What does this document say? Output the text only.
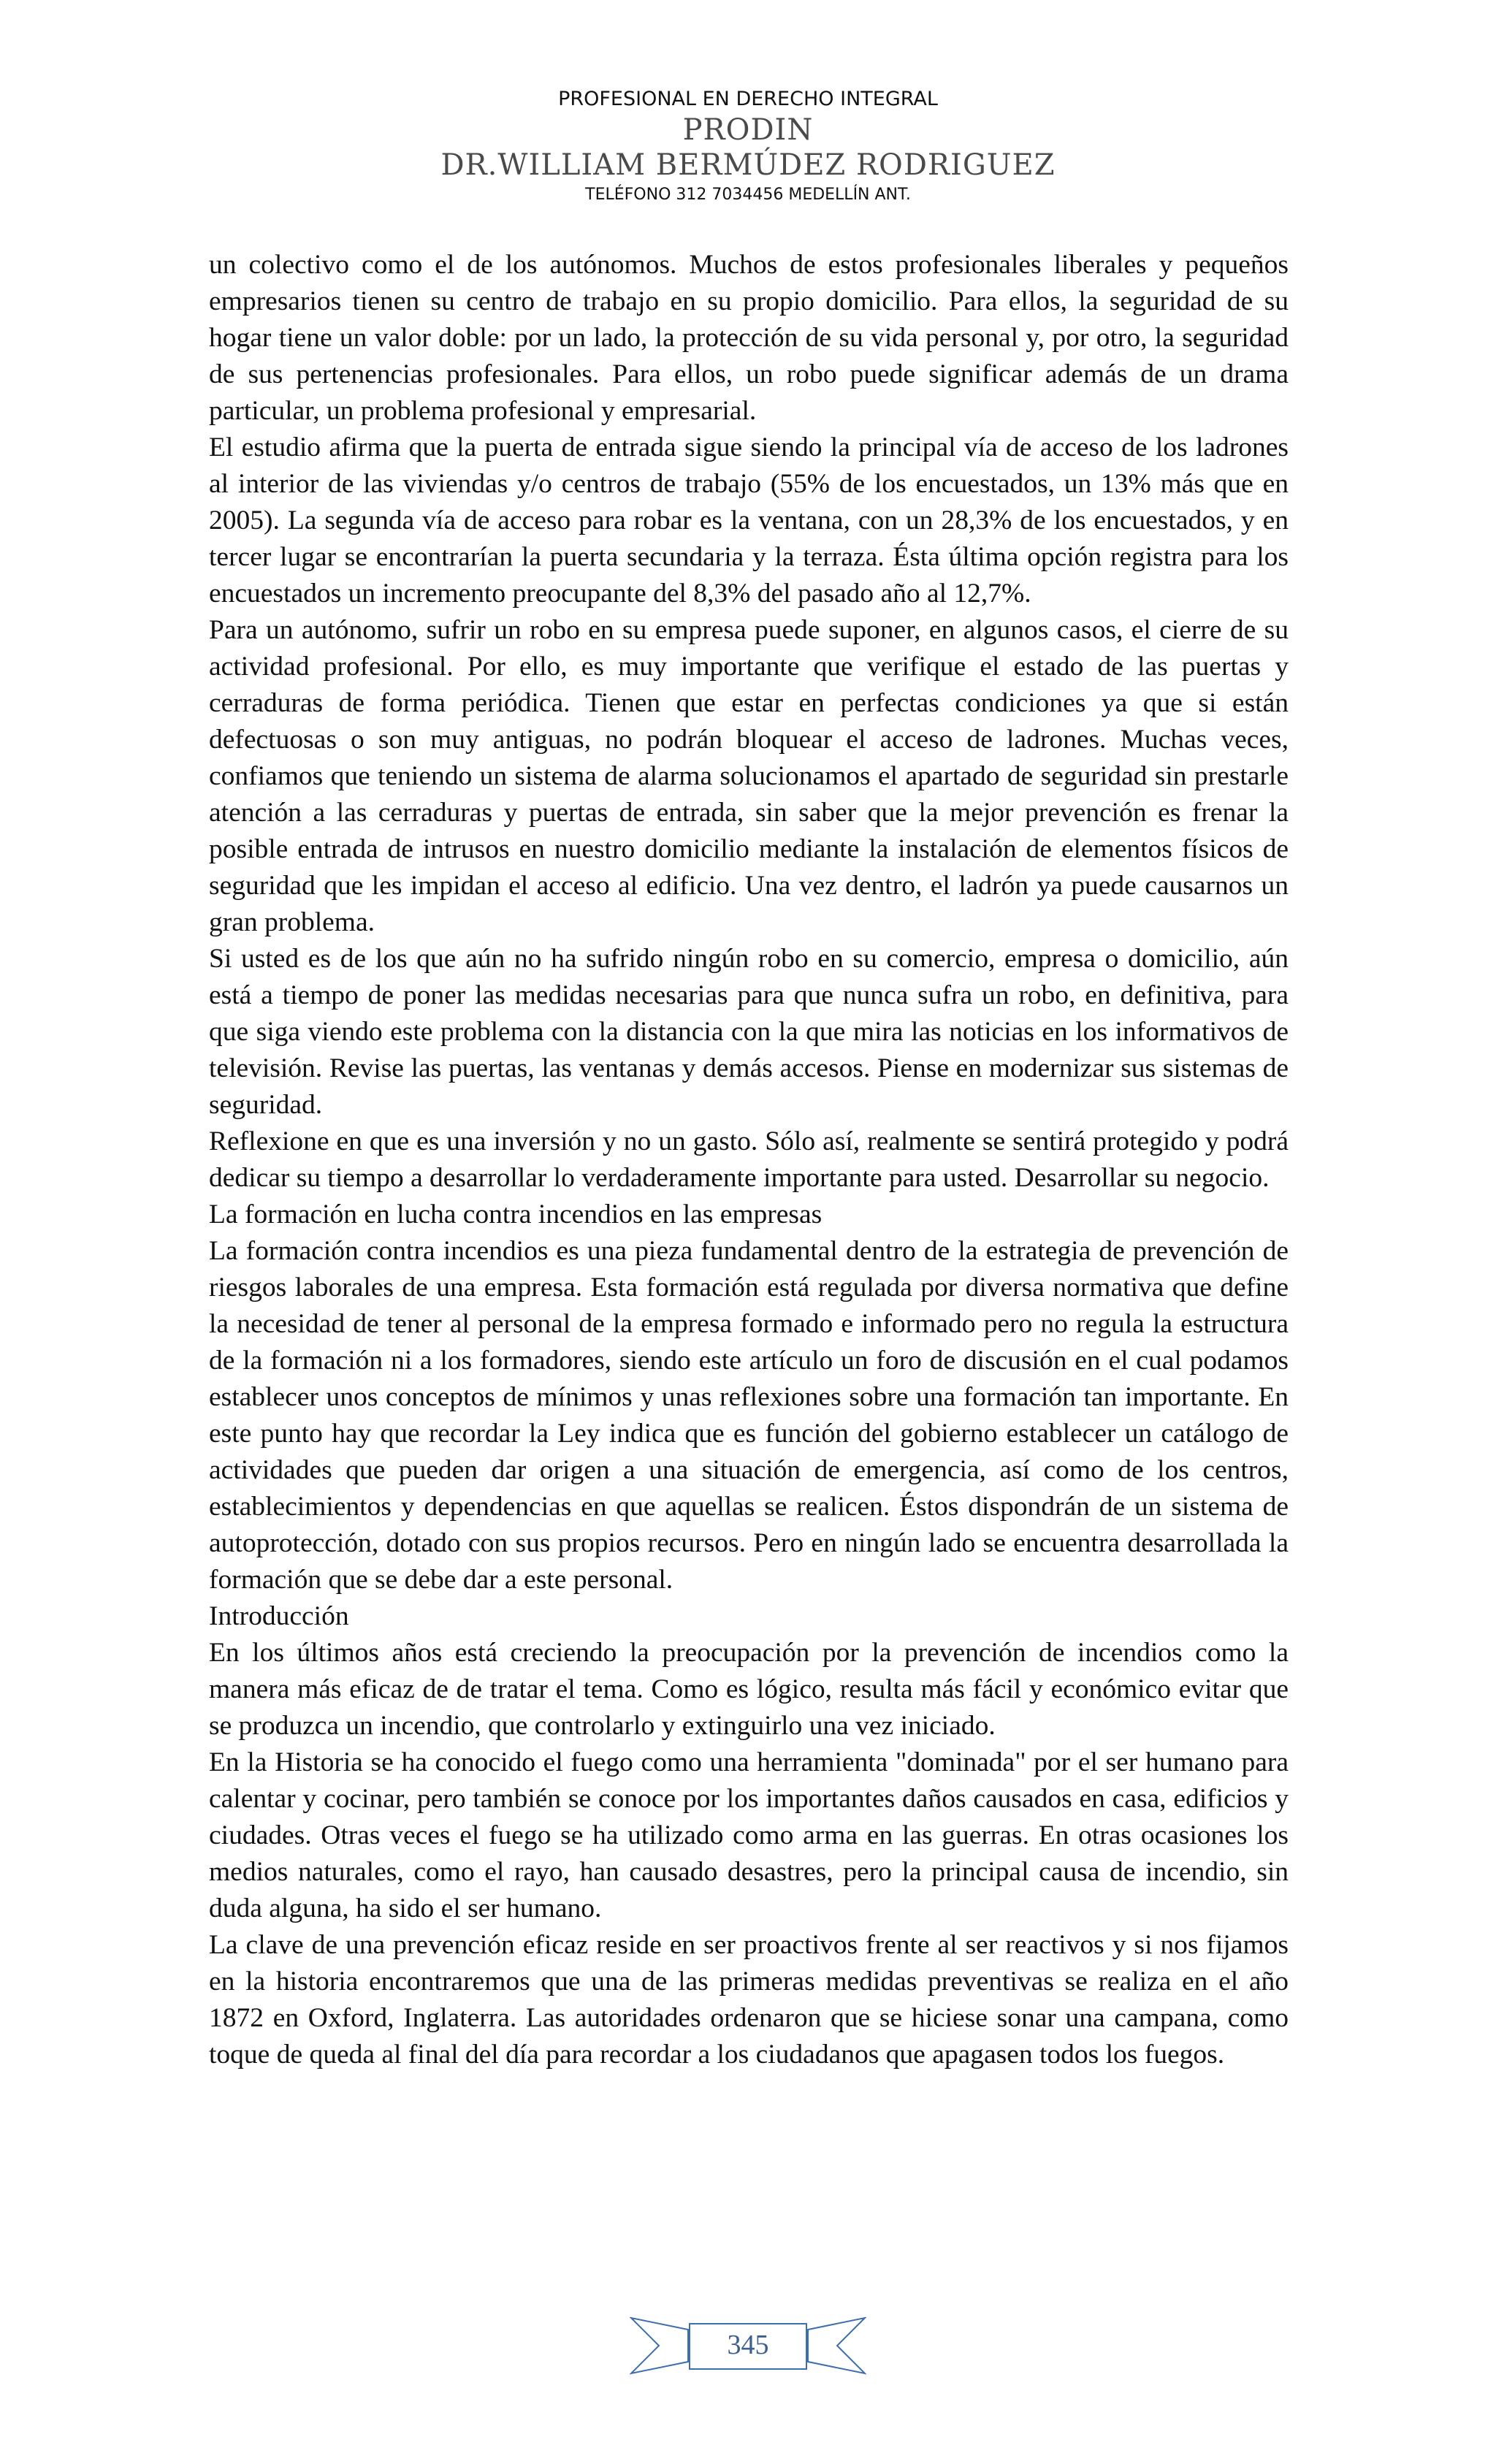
PROFESIONAL EN DERECHO INTEGRAL
PRODIN
DR.WILLIAM BERMÚDEZ RODRIGUEZ
TELÉFONO 312 7034456 MEDELLÍN ANT.

un colectivo como el de los autónomos. Muchos de estos profesionales liberales y pequeños empresarios tienen su centro de trabajo en su propio domicilio. Para ellos, la seguridad de su hogar tiene un valor doble: por un lado, la protección de su vida personal y, por otro, la seguridad de sus pertenencias profesionales. Para ellos, un robo puede significar además de un drama particular, un problema profesional y empresarial.

El estudio afirma que la puerta de entrada sigue siendo la principal vía de acceso de los ladrones al interior de las viviendas y/o centros de trabajo (55% de los encuestados, un 13% más que en 2005). La segunda vía de acceso para robar es la ventana, con un 28,3% de los encuestados, y en tercer lugar se encontrarían la puerta secundaria y la terraza. Ésta última opción registra para los encuestados un incremento preocupante del 8,3% del pasado año al 12,7%.

Para un autónomo, sufrir un robo en su empresa puede suponer, en algunos casos, el cierre de su actividad profesional. Por ello, es muy importante que verifique el estado de las puertas y cerraduras de forma periódica. Tienen que estar en perfectas condiciones ya que si están defectuosas o son muy antiguas, no podrán bloquear el acceso de ladrones. Muchas veces, confiamos que teniendo un sistema de alarma solucionamos el apartado de seguridad sin prestarle atención a las cerraduras y puertas de entrada, sin saber que la mejor prevención es frenar la posible entrada de intrusos en nuestro domicilio mediante la instalación de elementos físicos de seguridad que les impidan el acceso al edificio. Una vez dentro, el ladrón ya puede causarnos un gran problema.

Si usted es de los que aún no ha sufrido ningún robo en su comercio, empresa o domicilio, aún está a tiempo de poner las medidas necesarias para que nunca sufra un robo, en definitiva, para que siga viendo este problema con la distancia con la que mira las noticias en los informativos de televisión. Revise las puertas, las ventanas y demás accesos. Piense en modernizar sus sistemas de seguridad.

Reflexione en que es una inversión y no un gasto. Sólo así, realmente se sentirá protegido y podrá dedicar su tiempo a desarrollar lo verdaderamente importante para usted. Desarrollar su negocio.

La formación en lucha contra incendios en las empresas

La formación contra incendios es una pieza fundamental dentro de la estrategia de prevención de riesgos laborales de una empresa. Esta formación está regulada por diversa normativa que define la necesidad de tener al personal de la empresa formado e informado pero no regula la estructura de la formación ni a los formadores, siendo este artículo un foro de discusión en el cual podamos establecer unos conceptos de mínimos y unas reflexiones sobre una formación tan importante. En este punto hay que recordar la Ley indica que es función del gobierno establecer un catálogo de actividades que pueden dar origen a una situación de emergencia, así como de los centros, establecimientos y dependencias en que aquellas se realicen. Éstos dispondrán de un sistema de autoprotección, dotado con sus propios recursos. Pero en ningún lado se encuentra desarrollada la formación que se debe dar a este personal.

Introducción

En los últimos años está creciendo la preocupación por la prevención de incendios como la manera más eficaz de de tratar el tema. Como es lógico, resulta más fácil y económico evitar que se produzca un incendio, que controlarlo y extinguirlo una vez iniciado.

En la Historia se ha conocido el fuego como una herramienta "dominada" por el ser humano para calentar y cocinar, pero también se conoce por los importantes daños causados en casa, edificios y ciudades. Otras veces el fuego se ha utilizado como arma en las guerras. En otras ocasiones los medios naturales, como el rayo, han causado desastres, pero la principal causa de incendio, sin duda alguna, ha sido el ser humano.

La clave de una prevención eficaz reside en ser proactivos frente al ser reactivos y si nos fijamos en la historia encontraremos que una de las primeras medidas preventivas se realiza en el año 1872 en Oxford, Inglaterra. Las autoridades ordenaron que se hiciese sonar una campana, como toque de queda al final del día para recordar a los ciudadanos que apagasen todos los fuegos.

345
